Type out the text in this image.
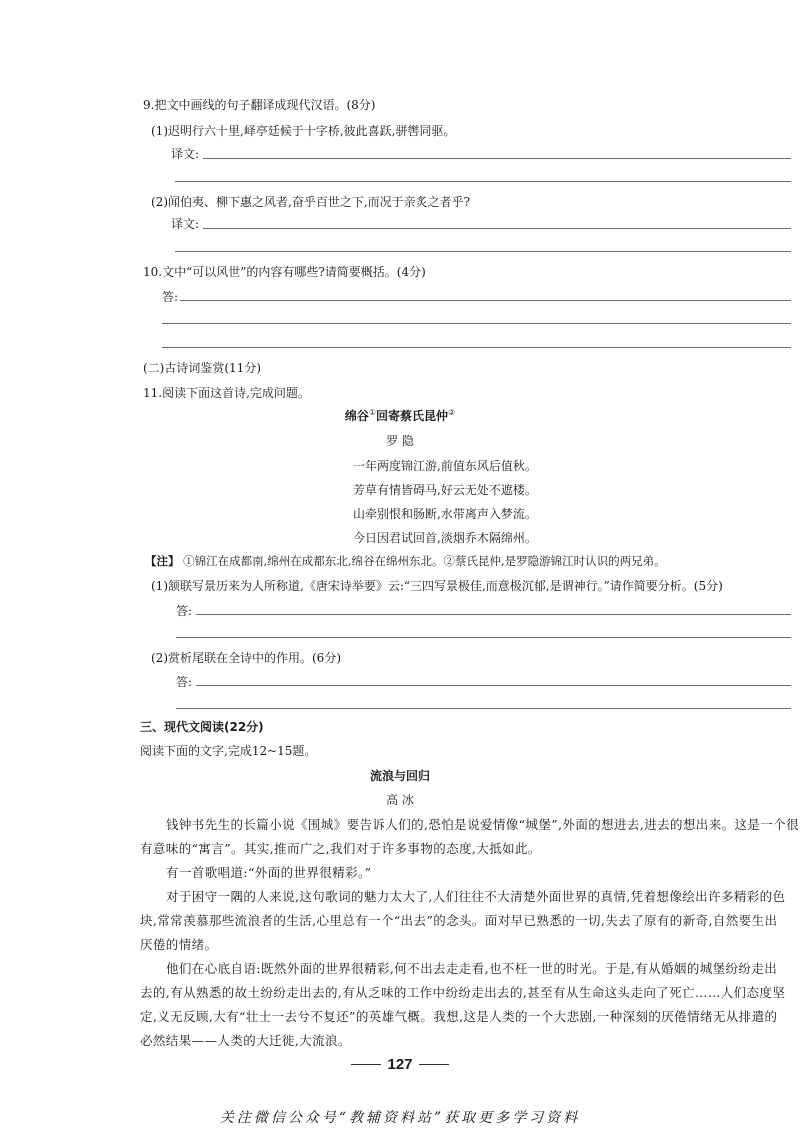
9.把文中画线的句子翻译成现代汉语。(8分)
(1)迟明行六十里,峄亭廷候于十字桥,彼此喜跃,骈辔同驱。
译文:
(2)闻伯夷、柳下惠之风者,奋乎百世之下,而况于亲炙之者乎?
译文:
10.文中“可以风世”的内容有哪些?请简要概括。(4分)
答:
(二)古诗词鉴赏(11分)
11.阅读下面这首诗,完成问题。
绵谷①回寄蔡氏昆仲②
罗 隐
一年两度锦江游,前值东风后值秋。
芳草有情皆碍马,好云无处不遮楼。
山牵别恨和肠断,水带离声入梦流。
今日因君试回首,淡烟乔木隔绵州。
【注】 ①锦江在成都南,绵州在成都东北,绵谷在绵州东北。②蔡氏昆仲,是罗隐游锦江时认识的两兄弟。
(1)颔联写景历来为人所称道,《唐宋诗举要》云:“三四写景极佳,而意极沉郁,是谓神行。”请作简要分析。(5分)
答:
(2)赏析尾联在全诗中的作用。(6分)
答:
三、现代文阅读(22分)
阅读下面的文字,完成12~15题。
流浪与回归
高 冰
钱钟书先生的长篇小说《围城》要告诉人们的,恐怕是说爱情像“城堡”,外面的想进去,进去的想出来。这是一个很
有意味的“寓言”。其实,推而广之,我们对于许多事物的态度,大抵如此。
有一首歌唱道:“外面的世界很精彩。”
对于困守一隅的人来说,这句歌词的魅力太大了,人们往往不大清楚外面世界的真情,凭着想像绘出许多精彩的色
块,常常羡慕那些流浪者的生活,心里总有一个“出去”的念头。面对早已熟悉的一切,失去了原有的新奇,自然要生出
厌倦的情绪。
他们在心底自语:既然外面的世界很精彩,何不出去走走看,也不枉一世的时光。于是,有从婚姻的城堡纷纷走出
去的,有从熟悉的故土纷纷走出去的,有从乏味的工作中纷纷走出去的,甚至有从生命这头走向了死亡……人们态度坚
定,义无反顾,大有“壮士一去兮不复还”的英雄气概。我想,这是人类的一个大悲剧,一种深刻的厌倦情绪无从排遣的
必然结果——人类的大迁徙,大流浪。
127
关注微信公众号“教辅资料站”获取更多学习资料
